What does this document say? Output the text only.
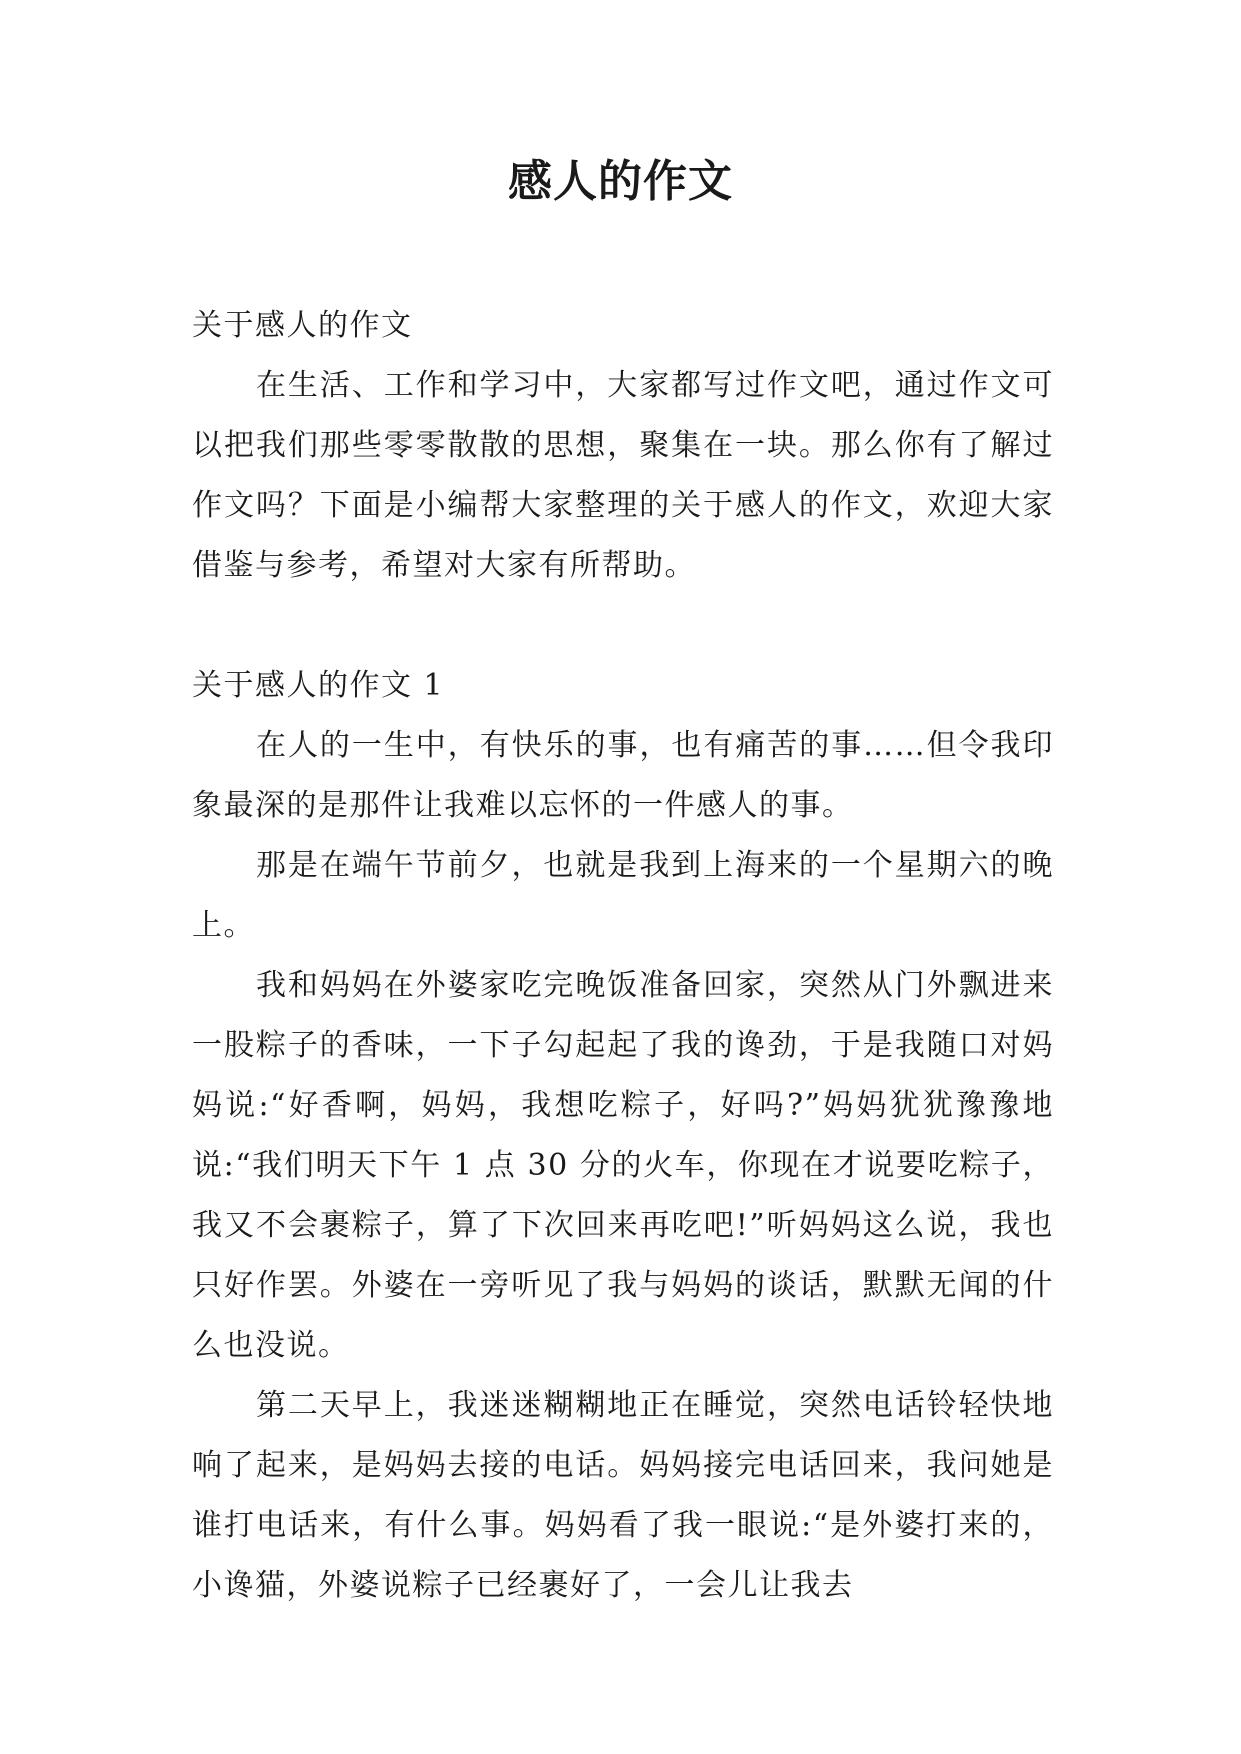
感人的作文

关于感人的作文

在生活、工作和学习中，大家都写过作文吧，通过作文可以把我们那些零零散散的思想，聚集在一块。那么你有了解过作文吗？下面是小编帮大家整理的关于感人的作文，欢迎大家借鉴与参考，希望对大家有所帮助。

关于感人的作文 1

在人的一生中，有快乐的事，也有痛苦的事……但令我印象最深的是那件让我难以忘怀的一件感人的事。

那是在端午节前夕，也就是我到上海来的一个星期六的晚上。

我和妈妈在外婆家吃完晚饭准备回家，突然从门外飘进来一股粽子的香味，一下子勾起起了我的谗劲，于是我随口对妈妈说:“好香啊，妈妈，我想吃粽子，好吗?”妈妈犹犹豫豫地说:“我们明天下午 1 点 30 分的火车，你现在才说要吃粽子，我又不会裹粽子，算了下次回来再吃吧!”听妈妈这么说，我也只好作罢。外婆在一旁听见了我与妈妈的谈话，默默无闻的什么也没说。

第二天早上，我迷迷糊糊地正在睡觉，突然电话铃轻快地响了起来，是妈妈去接的电话。妈妈接完电话回来，我问她是谁打电话来，有什么事。妈妈看了我一眼说:“是外婆打来的，小谗猫，外婆说粽子已经裹好了，一会儿让我去
